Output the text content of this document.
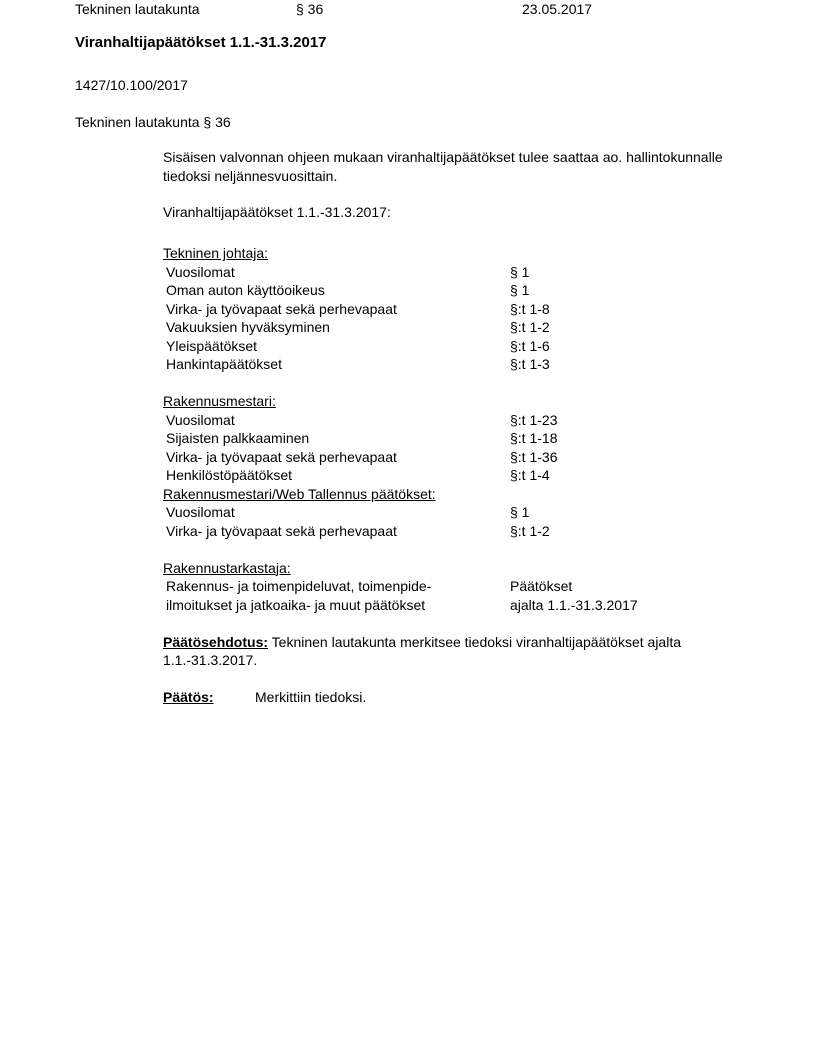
Tekninen lautakunta	§ 36	23.05.2017
Viranhaltijapäätökset 1.1.-31.3.2017
1427/10.100/2017
Tekninen lautakunta § 36
Sisäisen valvonnan ohjeen mukaan viranhaltijapäätökset tulee saattaa ao. hallintokunnalle tiedoksi neljännesvuosittain.
Viranhaltijapäätökset 1.1.-31.3.2017:
Tekninen johtaja:
Vuosilomat	§ 1
Oman auton käyttöoikeus	§ 1
Virka- ja työvapaat sekä perhevapaat	§:t 1-8
Vakuuksien hyväksyminen	§:t 1-2
Yleispäätökset	§:t 1-6
Hankintapäätökset	§:t 1-3
Rakennusmestari:
Vuosilomat	§:t 1-23
Sijaisten palkkaaminen	§:t 1-18
Virka- ja työvapaat sekä perhevapaat	§:t 1-36
Henkilöstöpäätökset	§:t 1-4
Rakennusmestari/Web Tallennus päätökset:
Vuosilomat	§ 1
Virka- ja työvapaat sekä perhevapaat	§:t 1-2
Rakennustarkastaja:
Rakennus- ja toimenpideluvat, toimenpide-	Päätökset
ilmoitukset ja jatkoaika- ja muut päätökset	ajalta 1.1.-31.3.2017
Päätösehdotus: Tekninen lautakunta merkitsee tiedoksi viranhaltijapäätökset ajalta 1.1.-31.3.2017.
Päätös:	Merkittiin tiedoksi.
